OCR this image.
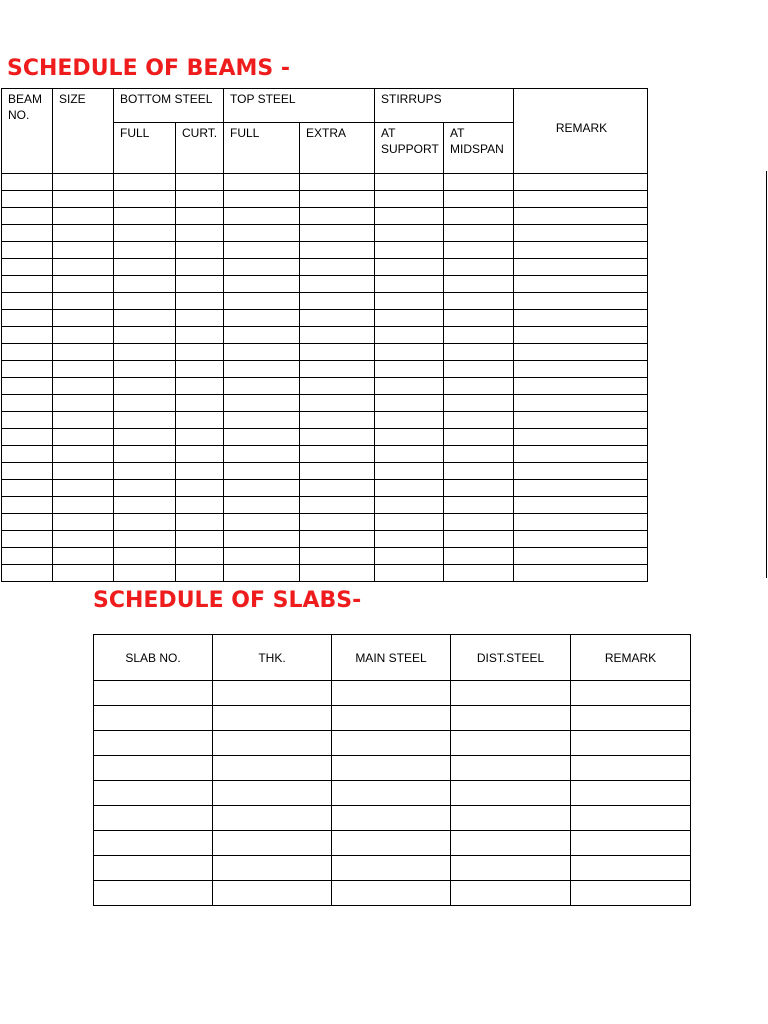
SCHEDULE OF BEAMS -
BEAM NO.	SIZE	BOTTOM STEEL		TOP STEEL		STIRRUPS		REMARK
		FULL	CURT.	FULL	EXTRA	AT SUPPORT	AT MIDSPAN	

SCHEDULE OF SLABS-
SLAB NO.	THK.	MAIN STEEL	DIST.STEEL	REMARK
